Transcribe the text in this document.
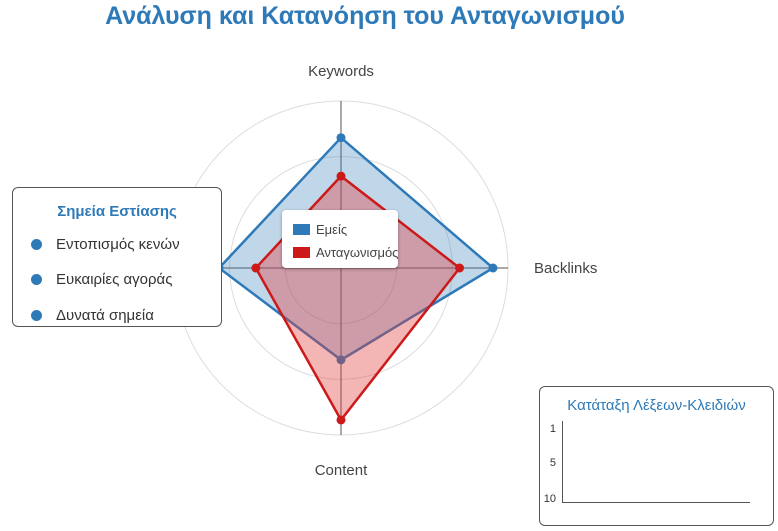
Ανάλυση και Κατανόηση του Ανταγωνισμού
Keywords
Backlinks
Content
Εμείς
Ανταγωνισμός
Σημεία Εστίασης
Εντοπισμός κενών
Ευκαιρίες αγοράς
Δυνατά σημεία
Κατάταξη Λέξεων-Κλειδιών
1
5
10
